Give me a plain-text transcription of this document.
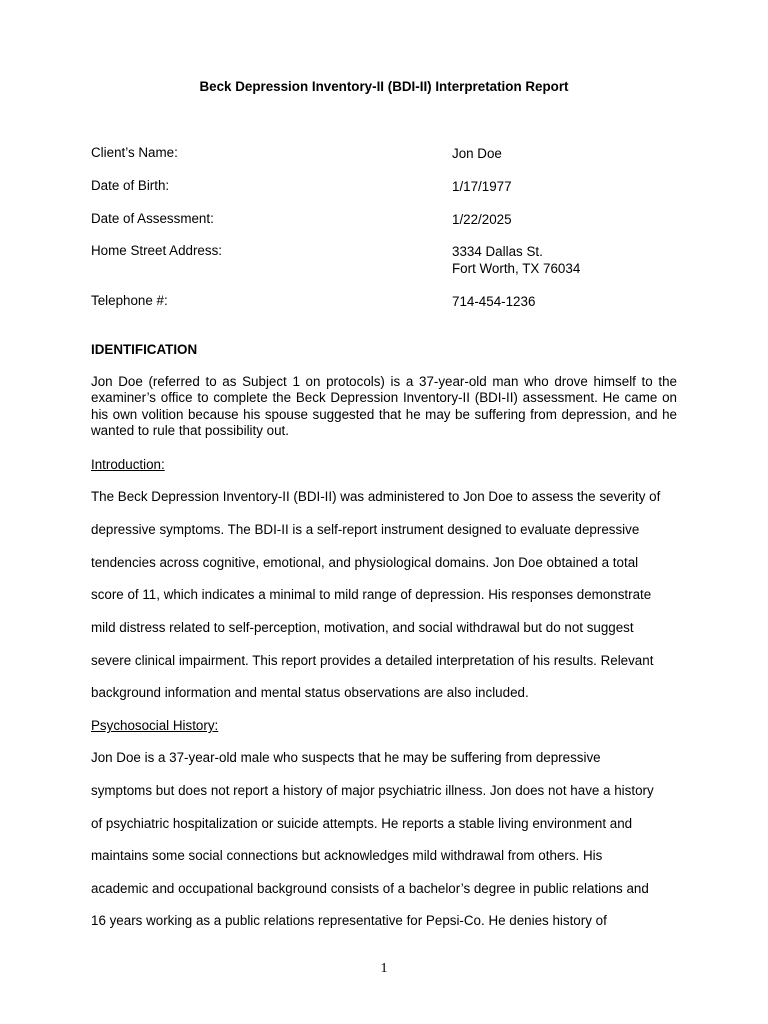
Beck Depression Inventory-II (BDI-II) Interpretation Report
Client’s Name:	Jon Doe
Date of Birth:	1/17/1977
Date of Assessment:	1/22/2025
Home Street Address:	3334 Dallas St.
Fort Worth, TX 76034
Telephone #:	714-454-1236
IDENTIFICATION
Jon Doe (referred to as Subject 1 on protocols) is a 37-year-old man who drove himself to the examiner’s office to complete the Beck Depression Inventory-II (BDI-II) assessment. He came on his own volition because his spouse suggested that he may be suffering from depression, and he wanted to rule that possibility out.
Introduction:
The Beck Depression Inventory-II (BDI-II) was administered to Jon Doe to assess the severity of
depressive symptoms. The BDI-II is a self-report instrument designed to evaluate depressive
tendencies across cognitive, emotional, and physiological domains. Jon Doe obtained a total
score of 11, which indicates a minimal to mild range of depression. His responses demonstrate
mild distress related to self-perception, motivation, and social withdrawal but do not suggest
severe clinical impairment. This report provides a detailed interpretation of his results. Relevant
background information and mental status observations are also included.
Psychosocial History:
Jon Doe is a 37-year-old male who suspects that he may be suffering from depressive
symptoms but does not report a history of major psychiatric illness. Jon does not have a history
of psychiatric hospitalization or suicide attempts. He reports a stable living environment and
maintains some social connections but acknowledges mild withdrawal from others. His
academic and occupational background consists of a bachelor’s degree in public relations and
16 years working as a public relations representative for Pepsi-Co. He denies history of
1
